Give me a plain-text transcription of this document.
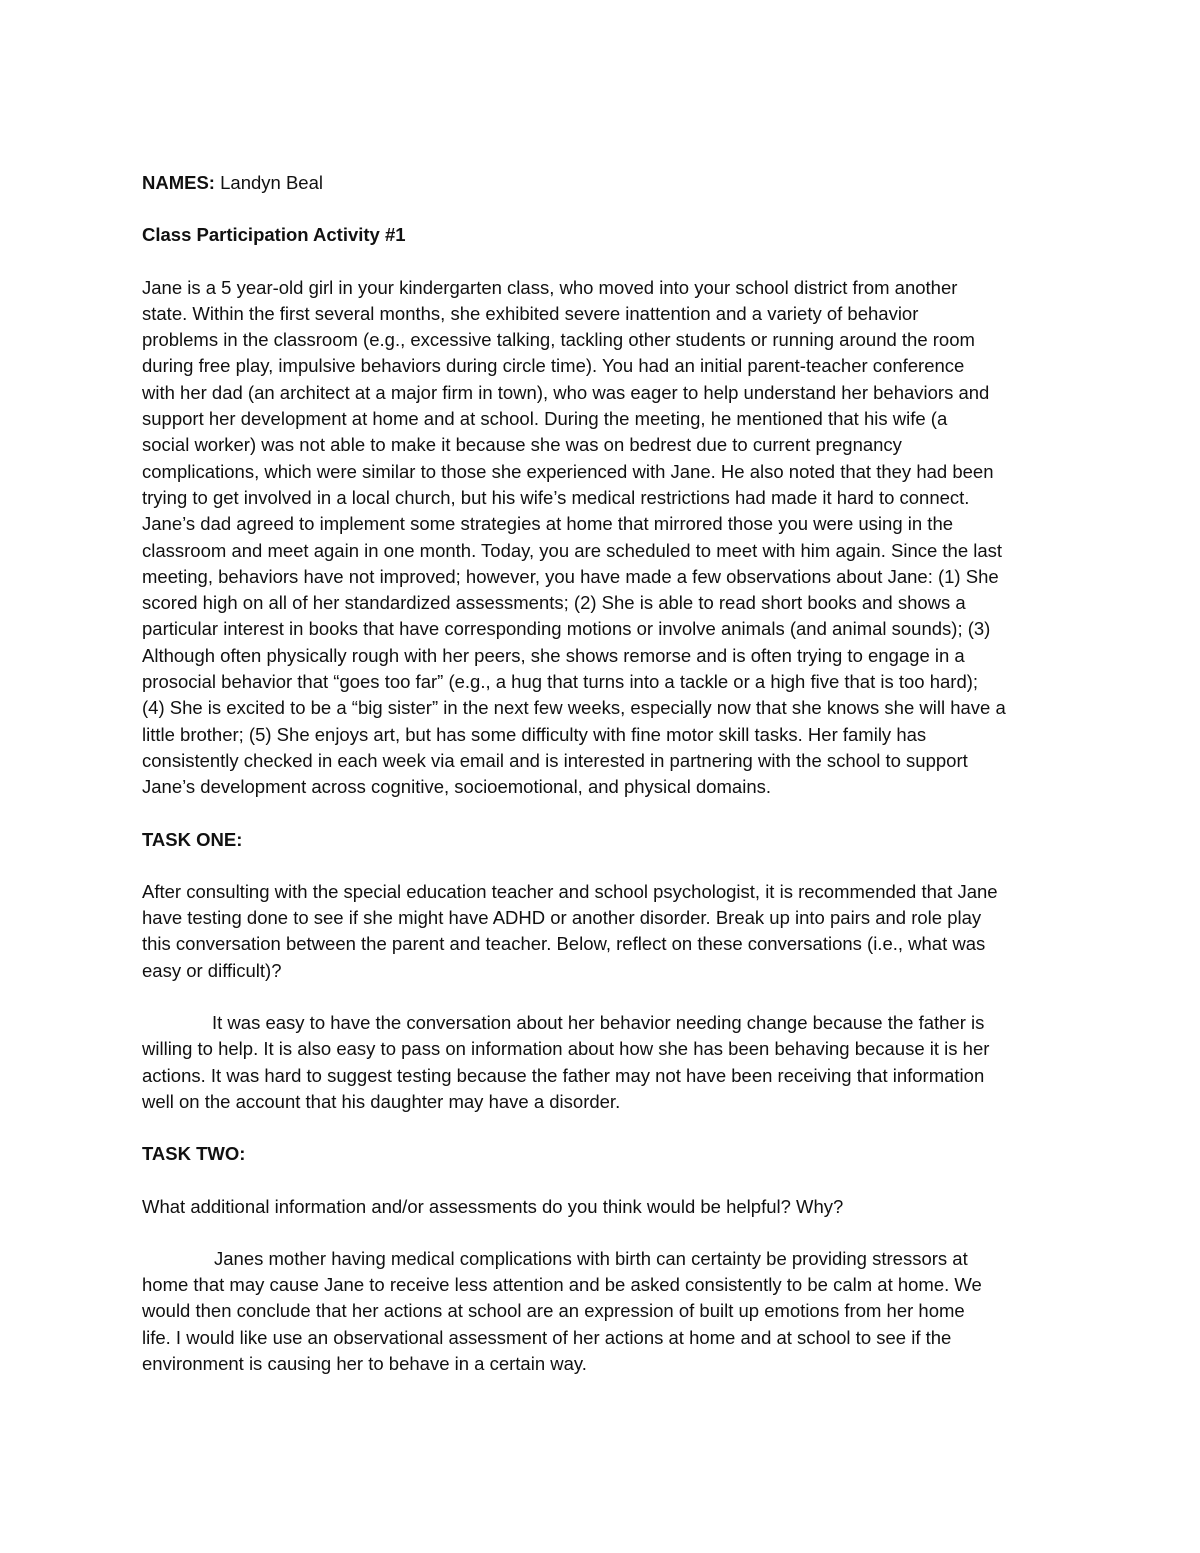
NAMES: Landyn Beal

Class Participation Activity #1

Jane is a 5 year-old girl in your kindergarten class, who moved into your school district from another
state. Within the first several months, she exhibited severe inattention and a variety of behavior
problems in the classroom (e.g., excessive talking, tackling other students or running around the room
during free play, impulsive behaviors during circle time). You had an initial parent-teacher conference
with her dad (an architect at a major firm in town), who was eager to help understand her behaviors and
support her development at home and at school. During the meeting, he mentioned that his wife (a
social worker) was not able to make it because she was on bedrest due to current pregnancy
complications, which were similar to those she experienced with Jane. He also noted that they had been
trying to get involved in a local church, but his wife’s medical restrictions had made it hard to connect.
Jane’s dad agreed to implement some strategies at home that mirrored those you were using in the
classroom and meet again in one month. Today, you are scheduled to meet with him again. Since the last
meeting, behaviors have not improved; however, you have made a few observations about Jane: (1) She
scored high on all of her standardized assessments; (2) She is able to read short books and shows a
particular interest in books that have corresponding motions or involve animals (and animal sounds); (3)
Although often physically rough with her peers, she shows remorse and is often trying to engage in a
prosocial behavior that “goes too far” (e.g., a hug that turns into a tackle or a high five that is too hard);
(4) She is excited to be a “big sister” in the next few weeks, especially now that she knows she will have a
little brother; (5) She enjoys art, but has some difficulty with fine motor skill tasks. Her family has
consistently checked in each week via email and is interested in partnering with the school to support
Jane’s development across cognitive, socioemotional, and physical domains.

TASK ONE:

After consulting with the special education teacher and school psychologist, it is recommended that Jane
have testing done to see if she might have ADHD or another disorder. Break up into pairs and role play
this conversation between the parent and teacher. Below, reflect on these conversations (i.e., what was
easy or difficult)?
It was easy to have the conversation about her behavior needing change because the father is
willing to help. It is also easy to pass on information about how she has been behaving because it is her
actions. It was hard to suggest testing because the father may not have been receiving that information
well on the account that his daughter may have a disorder.

TASK TWO:

What additional information and/or assessments do you think would be helpful? Why?

Janes mother having medical complications with birth can certainty be providing stressors at
home that may cause Jane to receive less attention and be asked consistently to be calm at home. We
would then conclude that her actions at school are an expression of built up emotions from her home
life. I would like use an observational assessment of her actions at home and at school to see if the
environment is causing her to behave in a certain way.
